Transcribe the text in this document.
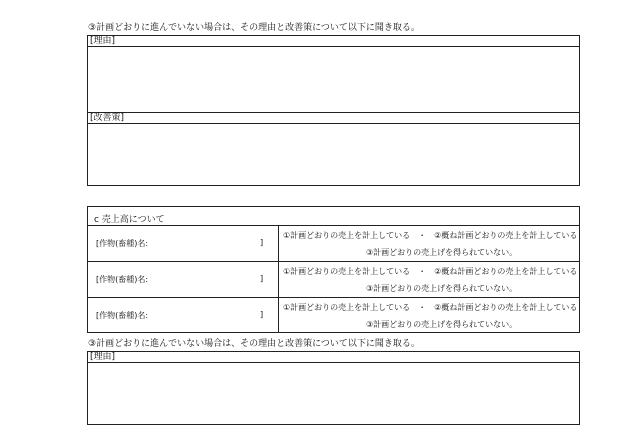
③計画どおりに進んでいない場合は、その理由と改善策について以下に聞き取る。
[理由]
[改善策]
c 売上高について
[作物(畜種)名:	]
①計画どおりの売上を計上している　・　②概ね計画どおりの売上を計上している
③計画どおりの売上げを得られていない。
[作物(畜種)名:	]
①計画どおりの売上を計上している　・　②概ね計画どおりの売上を計上している
③計画どおりの売上げを得られていない。
[作物(畜種)名:	]
①計画どおりの売上を計上している　・　②概ね計画どおりの売上を計上している
③計画どおりの売上げを得られていない。
③計画どおりに進んでいない場合は、その理由と改善策について以下に聞き取る。
[理由]
